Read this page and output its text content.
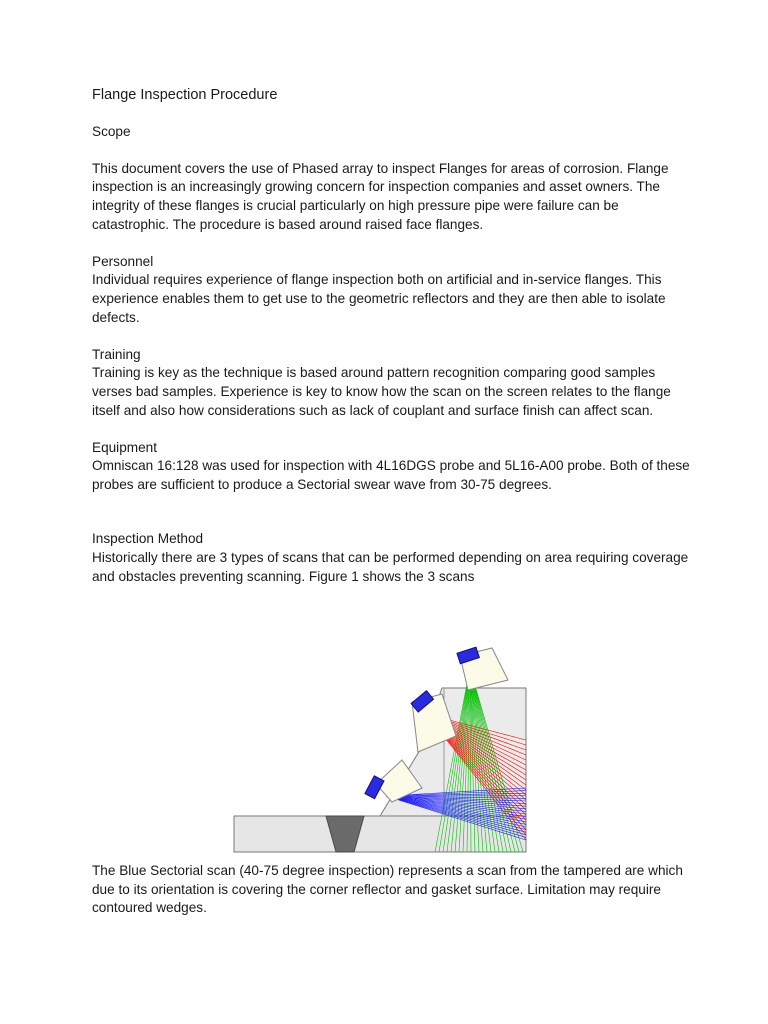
Flange Inspection Procedure

Scope

This document covers the use of Phased array to inspect Flanges for areas of corrosion. Flange inspection is an increasingly growing concern for inspection companies and asset owners. The integrity of these flanges is crucial particularly on high pressure pipe were failure can be catastrophic. The procedure is based around raised face flanges.

Personnel

Individual requires experience of flange inspection both on artificial and in-service flanges. This experience enables them to get use to the geometric reflectors and they are then able to isolate defects.

Training

Training is key as the technique is based around pattern recognition comparing good samples verses bad samples. Experience is key to know how the scan on the screen relates to the flange itself and also how considerations such as lack of couplant and surface finish can affect scan.

Equipment

Omniscan 16:128 was used for inspection with 4L16DGS probe and 5L16-A00 probe. Both of these probes are sufficient to produce a Sectorial swear wave from 30-75 degrees.

Inspection Method

Historically there are 3 types of scans that can be performed depending on area requiring coverage and obstacles preventing scanning. Figure 1 shows the 3 scans

The Blue Sectorial scan (40-75 degree inspection) represents a scan from the tampered are which due to its orientation is covering the corner reflector and gasket surface. Limitation may require contoured wedges.
